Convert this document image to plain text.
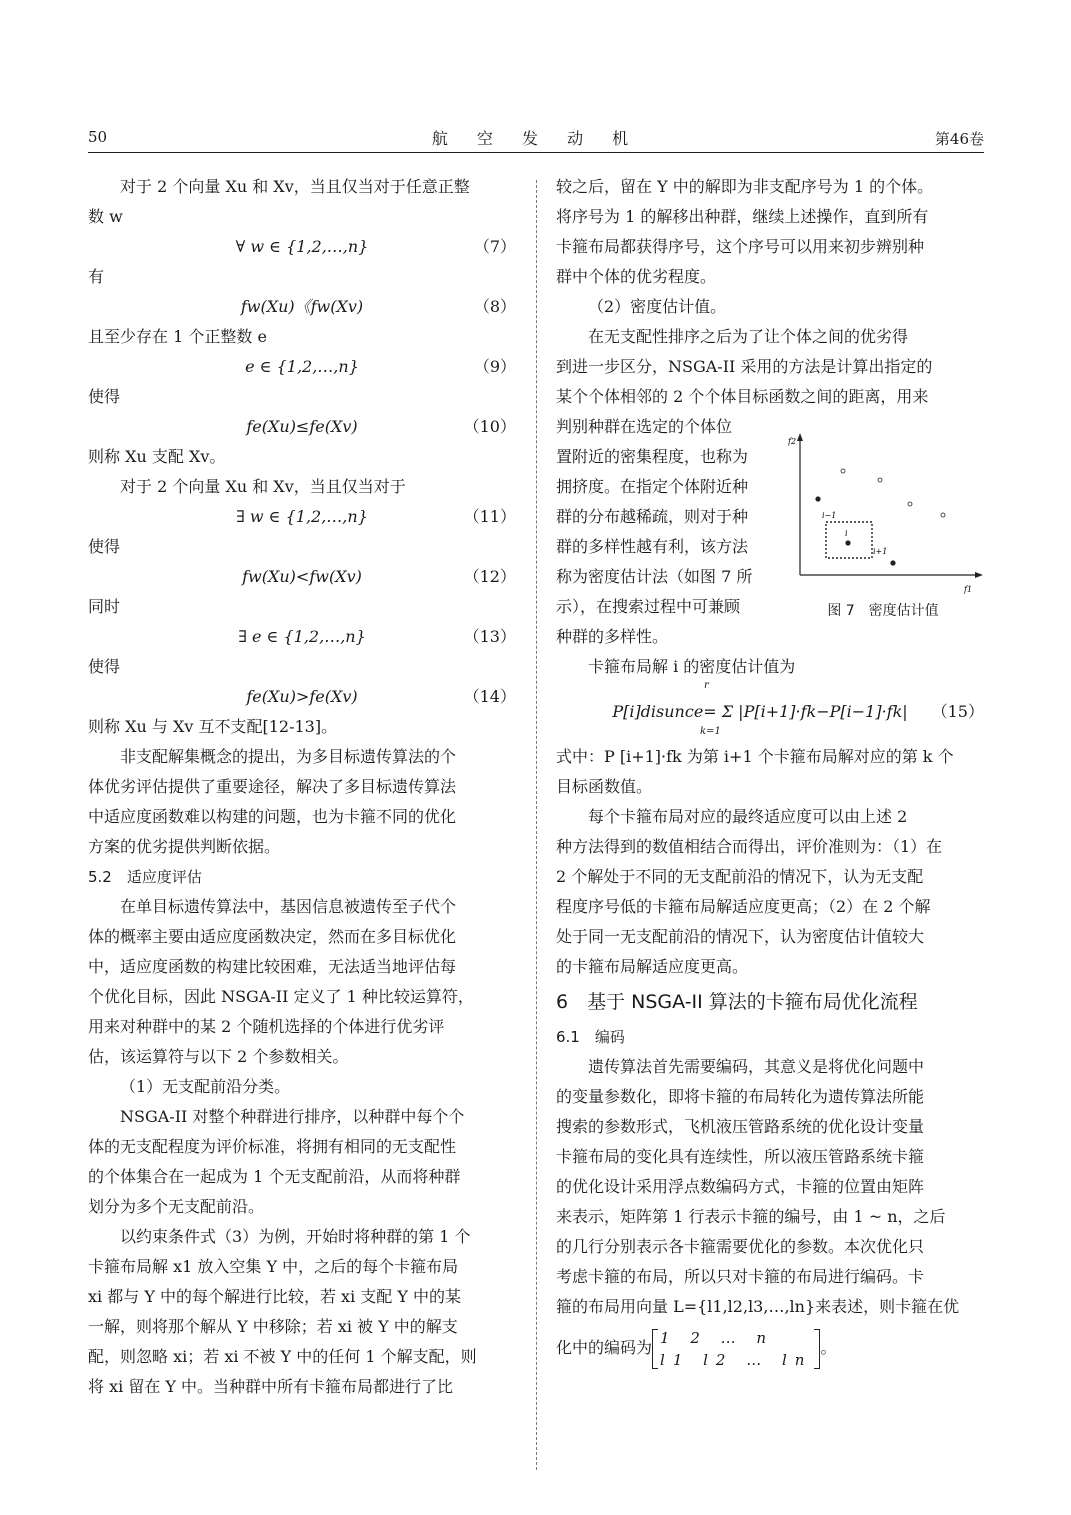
50	航 空 发 动 机	第46卷
对于 2 个向量 Xu 和 Xv，当且仅当对于任意正整
数 w
∀ w ∈ {1,2,…,n}	（7）
有
fw(Xu)《fw(Xv)	（8）
且至少存在 1 个正整数 e
e ∈ {1,2,…,n}	（9）
使得
fe(Xu)≤fe(Xv)	（10）
则称 Xu 支配 Xv。
对于 2 个向量 Xu 和 Xv，当且仅当对于
∃ w ∈ {1,2,…,n}	（11）
使得
fw(Xu)<fw(Xv)	（12）
同时
∃ e ∈ {1,2,…,n}	（13）
使得
fe(Xu)>fe(Xv)	（14）
则称 Xu 与 Xv 互不支配[12-13]。
非支配解集概念的提出，为多目标遗传算法的个
体优劣评估提供了重要途径，解决了多目标遗传算法
中适应度函数难以构建的问题，也为卡箍不同的优化
方案的优劣提供判断依据。
5.2　适应度评估
在单目标遗传算法中，基因信息被遗传至子代个
体的概率主要由适应度函数决定，然而在多目标优化
中，适应度函数的构建比较困难，无法适当地评估每
个优化目标，因此 NSGA-II 定义了 1 种比较运算符，
用来对种群中的某 2 个随机选择的个体进行优劣评
估，该运算符与以下 2 个参数相关。
（1）无支配前沿分类。
NSGA-II 对整个种群进行排序，以种群中每个个
体的无支配程度为评价标准，将拥有相同的无支配性
的个体集合在一起成为 1 个无支配前沿，从而将种群
划分为多个无支配前沿。
以约束条件式（3）为例，开始时将种群的第 1 个
卡箍布局解 x1 放入空集 Y 中，之后的每个卡箍布局
xi 都与 Y 中的每个解进行比较，若 xi 支配 Y 中的某
一解，则将那个解从 Y 中移除；若 xi 被 Y 中的解支
配，则忽略 xi；若 xi 不被 Y 中的任何 1 个解支配，则
将 xi 留在 Y 中。当种群中所有卡箍布局都进行了比
较之后，留在 Y 中的解即为非支配序号为 1 的个体。
将序号为 1 的解移出种群，继续上述操作，直到所有
卡箍布局都获得序号，这个序号可以用来初步辨别种
群中个体的优劣程度。
（2）密度估计值。
在无支配性排序之后为了让个体之间的优劣得
到进一步区分，NSGA-II 采用的方法是计算出指定的
某个个体相邻的 2 个个体目标函数之间的距离，用来
判别种群在选定的个体位
置附近的密集程度，也称为
拥挤度。在指定个体附近种
群的分布越稀疏，则对于种
群的多样性越有利，该方法
称为密度估计法（如图 7 所
示），在搜索过程中可兼顾
种群的多样性。
卡箍布局解 i 的密度估计值为
r
P[i]disunce= Σ |P[i+1]·fk−P[i−1]·fk|
k=1
（15）
式中：P [i+1]·fk 为第 i+1 个卡箍布局解对应的第 k 个
目标函数值。
每个卡箍布局对应的最终适应度可以由上述 2
种方法得到的数值相结合而得出，评价准则为：（1）在
2 个解处于不同的无支配前沿的情况下，认为无支配
程度序号低的卡箍布局解适应度更高；（2）在 2 个解
处于同一无支配前沿的情况下，认为密度估计值较大
的卡箍布局解适应度更高。
6　基于 NSGA-II 算法的卡箍布局优化流程
6.1　编码
遗传算法首先需要编码，其意义是将优化问题中
的变量参数化，即将卡箍的布局转化为遗传算法所能
搜索的参数形式，飞机液压管路系统的优化设计变量
卡箍布局的变化具有连续性，所以液压管路系统卡箍
的优化设计采用浮点数编码方式，卡箍的位置由矩阵
来表示，矩阵第 1 行表示卡箍的编号，由 1 ~ n，之后
的几行分别表示各卡箍需要优化的参数。本次优化只
考虑卡箍的布局，所以只对卡箍的布局进行编码。卡
箍的布局用向量 L={l1,l2,l3,…,ln}来表述，则卡箍在优
化中的编码为
1 2 … n
l1 l2 … ln
。
f2
f1
i−1
i
i+1
图 7　密度估计值
